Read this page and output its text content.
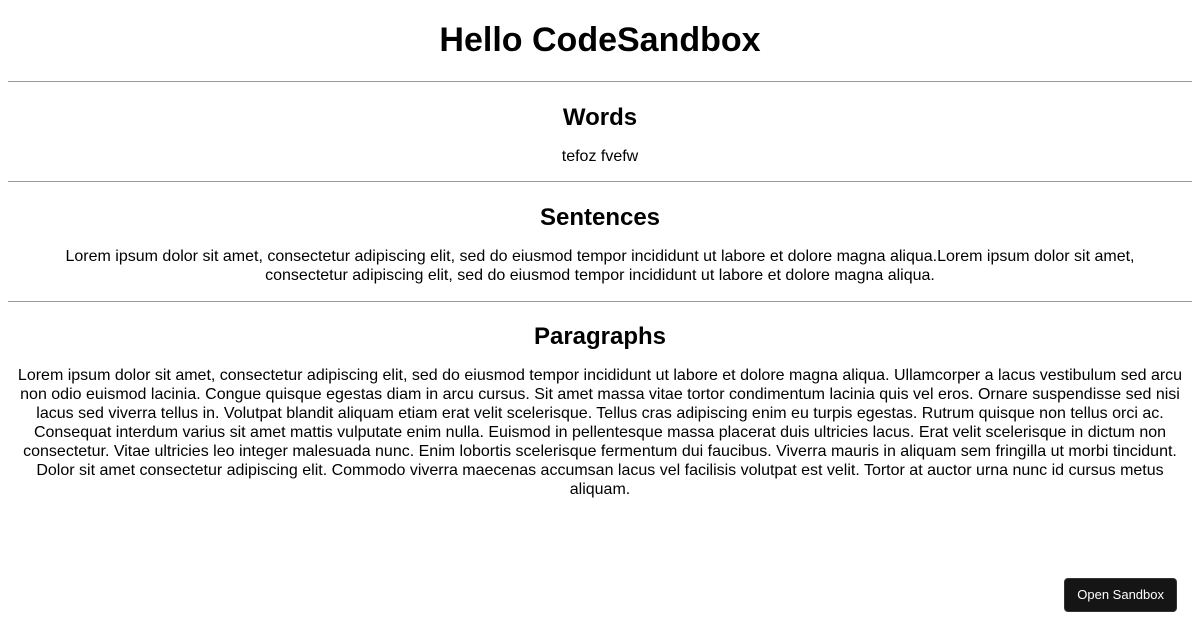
Hello CodeSandbox
Words

tefoz fvefw

Sentences

Lorem ipsum dolor sit amet, consectetur adipiscing elit, sed do eiusmod tempor incididunt ut labore et dolore magna aliqua.Lorem ipsum dolor sit amet, consectetur adipiscing elit, sed do eiusmod tempor incididunt ut labore et dolore magna aliqua.

Paragraphs

Lorem ipsum dolor sit amet, consectetur adipiscing elit, sed do eiusmod tempor incididunt ut labore et dolore magna aliqua. Ullamcorper a lacus vestibulum sed arcu non odio euismod lacinia. Congue quisque egestas diam in arcu cursus. Sit amet massa vitae tortor condimentum lacinia quis vel eros. Ornare suspendisse sed nisi lacus sed viverra tellus in. Volutpat blandit aliquam etiam erat velit scelerisque. Tellus cras adipiscing enim eu turpis egestas. Rutrum quisque non tellus orci ac. Consequat interdum varius sit amet mattis vulputate enim nulla. Euismod in pellentesque massa placerat duis ultricies lacus. Erat velit scelerisque in dictum non consectetur. Vitae ultricies leo integer malesuada nunc. Enim lobortis scelerisque fermentum dui faucibus. Viverra mauris in aliquam sem fringilla ut morbi tincidunt. Dolor sit amet consectetur adipiscing elit. Commodo viverra maecenas accumsan lacus vel facilisis volutpat est velit. Tortor at auctor urna nunc id cursus metus aliquam.

Open Sandbox
